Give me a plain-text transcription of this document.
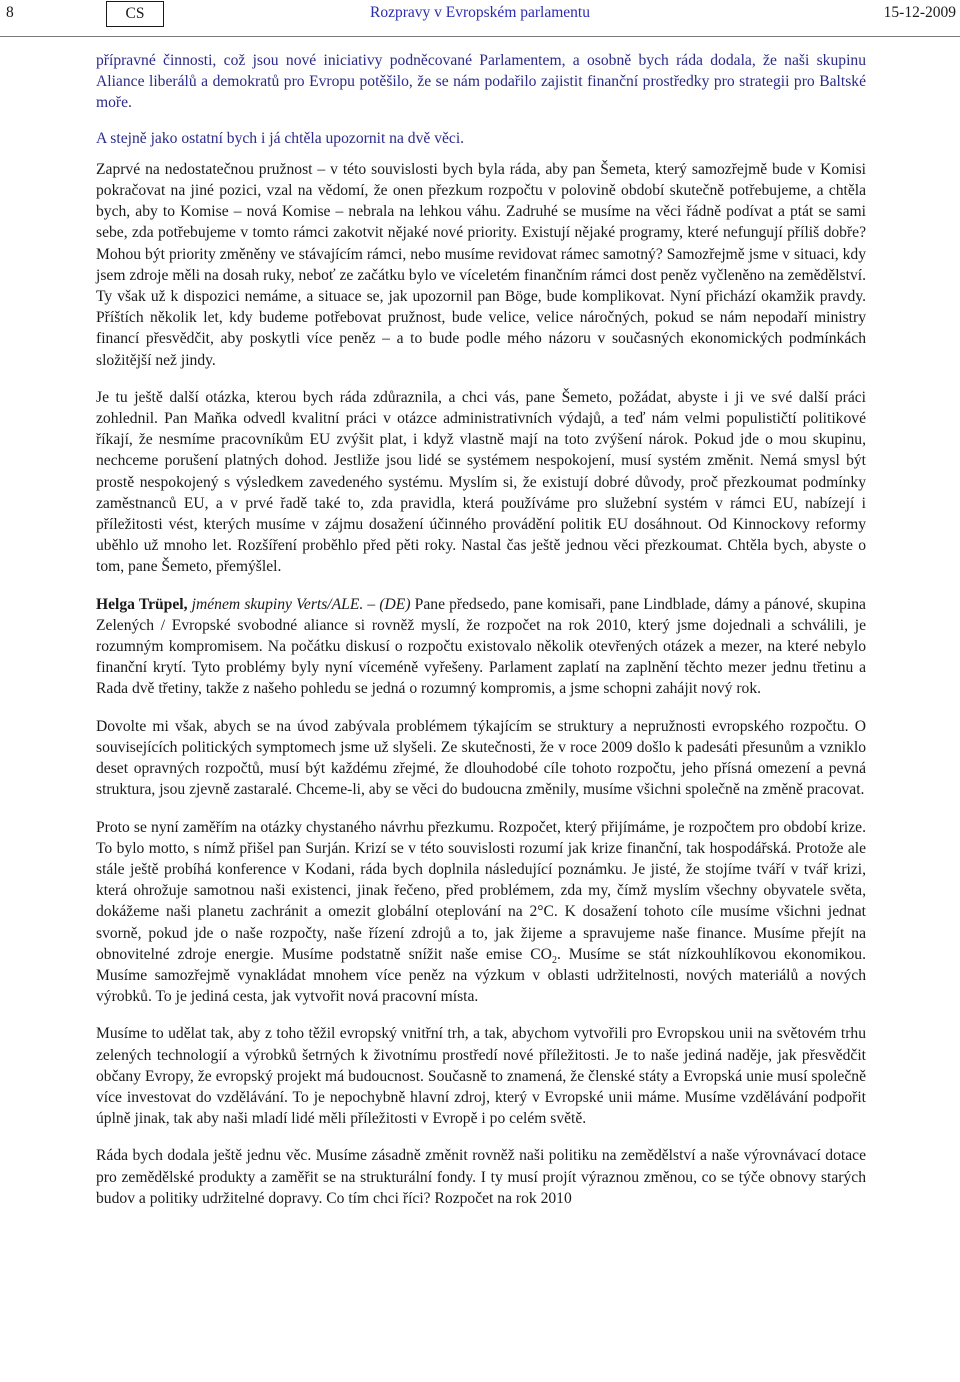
8	CS	Rozpravy v Evropském parlamentu	15-12-2009

přípravné činnosti, což jsou nové iniciativy podněcované Parlamentem, a osobně bych ráda dodala, že naši skupinu Aliance liberálů a demokratů pro Evropu potěšilo, že se nám podařilo zajistit finanční prostředky pro strategii pro Baltské moře.

A stejně jako ostatní bych i já chtěla upozornit na dvě věci.

Zaprvé na nedostatečnou pružnost – v této souvislosti bych byla ráda, aby pan Šemeta, který samozřejmě bude v Komisi pokračovat na jiné pozici, vzal na vědomí, že onen přezkum rozpočtu v polovině období skutečně potřebujeme, a chtěla bych, aby to Komise – nová Komise – nebrala na lehkou váhu. Zadruhé se musíme na věci řádně podívat a ptát se sami sebe, zda potřebujeme v tomto rámci zakotvit nějaké nové priority. Existují nějaké programy, které nefungují příliš dobře? Mohou být priority změněny ve stávajícím rámci, nebo musíme revidovat rámec samotný? Samozřejmě jsme v situaci, kdy jsem zdroje měli na dosah ruky, neboť ze začátku bylo ve víceletém finančním rámci dost peněz vyčleněno na zemědělství. Ty však už k dispozici nemáme, a situace se, jak upozornil pan Böge, bude komplikovat. Nyní přichází okamžik pravdy. Příštích několik let, kdy budeme potřebovat pružnost, bude velice, velice náročných, pokud se nám nepodaří ministry financí přesvědčit, aby poskytli více peněz – a to bude podle mého názoru v současných ekonomických podmínkách složitější než jindy.

Je tu ještě další otázka, kterou bych ráda zdůraznila, a chci vás, pane Šemeto, požádat, abyste i ji ve své další práci zohlednil. Pan Maňka odvedl kvalitní práci v otázce administrativních výdajů, a teď nám velmi populističtí politikové říkají, že nesmíme pracovníkům EU zvýšit plat, i když vlastně mají na toto zvýšení nárok. Pokud jde o mou skupinu, nechceme porušení platných dohod. Jestliže jsou lidé se systémem nespokojení, musí systém změnit. Nemá smysl být prostě nespokojený s výsledkem zavedeného systému. Myslím si, že existují dobré důvody, proč přezkoumat podmínky zaměstnanců EU, a v prvé řadě také to, zda pravidla, která používáme pro služební systém v rámci EU, nabízejí i příležitosti vést, kterých musíme v zájmu dosažení účinného provádění politik EU dosáhnout. Od Kinnockovy reformy uběhlo už mnoho let. Rozšíření proběhlo před pěti roky. Nastal čas ještě jednou věci přezkoumat. Chtěla bych, abyste o tom, pane Šemeto, přemýšlel.

Helga Trüpel, jménem skupiny Verts/ALE. – (DE) Pane předsedo, pane komisaři, pane Lindblade, dámy a pánové, skupina Zelených / Evropské svobodné aliance si rovněž myslí, že rozpočet na rok 2010, který jsme dojednali a schválili, je rozumným kompromisem. Na počátku diskusí o rozpočtu existovalo několik otevřených otázek a mezer, na které nebylo finanční krytí. Tyto problémy byly nyní víceméně vyřešeny. Parlament zaplatí na zaplnění těchto mezer jednu třetinu a Rada dvě třetiny, takže z našeho pohledu se jedná o rozumný kompromis, a jsme schopni zahájit nový rok.

Dovolte mi však, abych se na úvod zabývala problémem týkajícím se struktury a nepružnosti evropského rozpočtu. O souvisejících politických symptomech jsme už slyšeli. Ze skutečnosti, že v roce 2009 došlo k padesáti přesunům a vzniklo deset opravných rozpočtů, musí být každému zřejmé, že dlouhodobé cíle tohoto rozpočtu, jeho přísná omezení a pevná struktura, jsou zjevně zastaralé. Chceme-li, aby se věci do budoucna změnily, musíme všichni společně na změně pracovat.

Proto se nyní zaměřím na otázky chystaného návrhu přezkumu. Rozpočet, který přijímáme, je rozpočtem pro období krize. To bylo motto, s nímž přišel pan Surján. Krizí se v této souvislosti rozumí jak krize finanční, tak hospodářská. Protože ale stále ještě probíhá konference v Kodani, ráda bych doplnila následující poznámku. Je jisté, že stojíme tváří v tvář krizi, která ohrožuje samotnou naši existenci, jinak řečeno, před problémem, zda my, čímž myslím všechny obyvatele světa, dokážeme naši planetu zachránit a omezit globální oteplování na 2°C. K dosažení tohoto cíle musíme všichni jednat svorně, pokud jde o naše rozpočty, naše řízení zdrojů a to, jak žijeme a spravujeme naše finance. Musíme přejít na obnovitelné zdroje energie. Musíme podstatně snížit naše emise $CO_2$. Musíme se stát nízkouhlíkovou ekonomikou. Musíme samozřejmě vynakládat mnohem více peněz na výzkum v oblasti udržitelnosti, nových materiálů a nových výrobků. To je jediná cesta, jak vytvořit nová pracovní místa.

Musíme to udělat tak, aby z toho těžil evropský vnitřní trh, a tak, abychom vytvořili pro Evropskou unii na světovém trhu zelených technologií a výrobků šetrných k životnímu prostředí nové příležitosti. Je to naše jediná naděje, jak přesvědčit občany Evropy, že evropský projekt má budoucnost. Současně to znamená, že členské státy a Evropská unie musí společně více investovat do vzdělávání. To je nepochybně hlavní zdroj, který v Evropské unii máme. Musíme vzdělávání podpořit úplně jinak, tak aby naši mladí lidé měli příležitosti v Evropě i po celém světě.

Ráda bych dodala ještě jednu věc. Musíme zásadně změnit rovněž naši politiku na zemědělství a naše výrovnávací dotace pro zemědělské produkty a zaměřit se na strukturální fondy. I ty musí projít výraznou změnou, co se týče obnovy starých budov a politiky udržitelné dopravy. Co tím chci říci? Rozpočet na rok 2010
